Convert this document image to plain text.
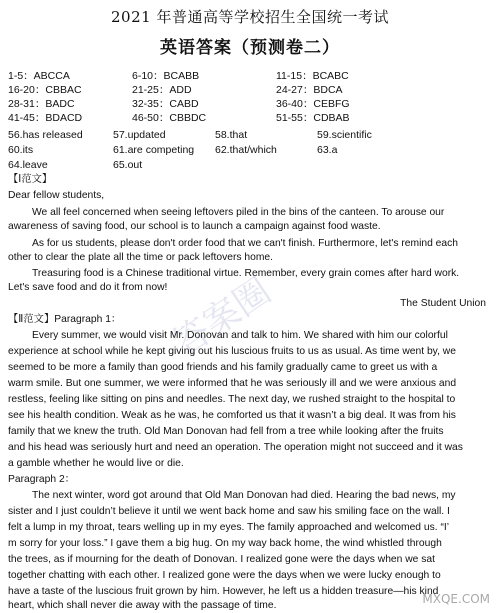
2021 年普通高等学校招生全国统一考试
英语答案（预测卷二）
1-5：ABCCA	6-10：BCABB	11-15：BCABC
16-20：CBBAC	21-25：ADD	24-27：BDCA
28-31：BADC	32-35：CABD	36-40：CEBFG
41-45：BDACD	46-50：CBBDC	51-55：CDBAB
56.has released	57.updated	58.that	59.scientific
60.its	61.are competing 62.that/which	63.a
64.leave	65.out
【Ⅰ范文】
Dear fellow students,
We all feel concerned when seeing leftovers piled in the bins of the canteen. To arouse our
awareness of saving food, our school is to launch a campaign against food waste.
As for us students, please don't order food that we can't finish. Furthermore, let's remind each
other to clear the plate all the time or pack leftovers home.
Treasuring food is a Chinese traditional virtue. Remember, every grain comes after hard work.
Let's save food and do it from now!
The Student Union
【Ⅱ范文】Paragraph 1：
Every summer, we would visit Mr. Donovan and talk to him. We shared with him our colorful
experience at school while he kept giving out his luscious fruits to us as usual. As time went by, we
seemed to be more a family than good friends and his family gradually came to greet us with a
warm smile. But one summer, we were informed that he was seriously ill and we were anxious and
restless, feeling like sitting on pins and needles. The next day, we rushed straight to the hospital to
see his health condition. Weak as he was, he comforted us that it wasn’t a big deal. It was from his
family that we knew the truth. Old Man Donovan had fell from a tree while looking after the fruits
and his head was seriously hurt and need an operation. The operation might not succeed and it was
a gamble whether he would live or die.
Paragraph 2：
The next winter, word got around that Old Man Donovan had died. Hearing the bad news, my
sister and I just couldn’t believe it until we went back home and saw his smiling face on the wall. I
felt a lump in my throat, tears welling up in my eyes. The family approached and welcomed us. “I’
m sorry for your loss.” I gave them a big hug. On my way back home, the wind whistled through
the trees, as if mourning for the death of Donovan. I realized gone were the days when we sat
together chatting with each other. I realized gone were the days when we were lucky enough to
have a taste of the luscious fruit grown by him. However, he left us a hidden treasure—his kind
heart, which shall never die away with the passage of time.
答案圈
MXQE.COM
